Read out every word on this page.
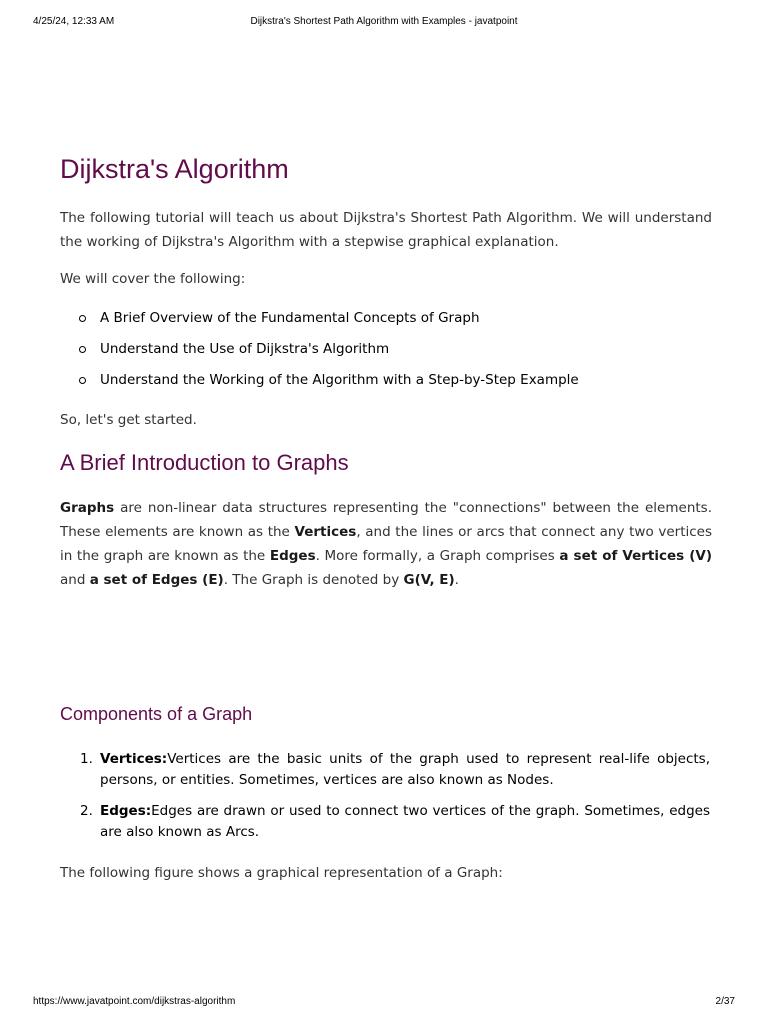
4/25/24, 12:33 AM	Dijkstra's Shortest Path Algorithm with Examples - javatpoint
Dijkstra's Algorithm

The following tutorial will teach us about Dijkstra's Shortest Path Algorithm. We will understand the working of Dijkstra's Algorithm with a stepwise graphical explanation.

We will cover the following:

A Brief Overview of the Fundamental Concepts of Graph
Understand the Use of Dijkstra's Algorithm
Understand the Working of the Algorithm with a Step-by-Step Example

So, let's get started.

A Brief Introduction to Graphs

Graphs are non-linear data structures representing the "connections" between the elements. These elements are known as the Vertices, and the lines or arcs that connect any two vertices in the graph are known as the Edges. More formally, a Graph comprises a set of Vertices (V) and a set of Edges (E). The Graph is denoted by G(V, E).

Components of a Graph
1. Vertices:Vertices are the basic units of the graph used to represent real-life objects, persons, or entities. Sometimes, vertices are also known as Nodes.
2. Edges:Edges are drawn or used to connect two vertices of the graph. Sometimes, edges are also known as Arcs.

The following figure shows a graphical representation of a Graph:

https://www.javatpoint.com/dijkstras-algorithm	2/37
